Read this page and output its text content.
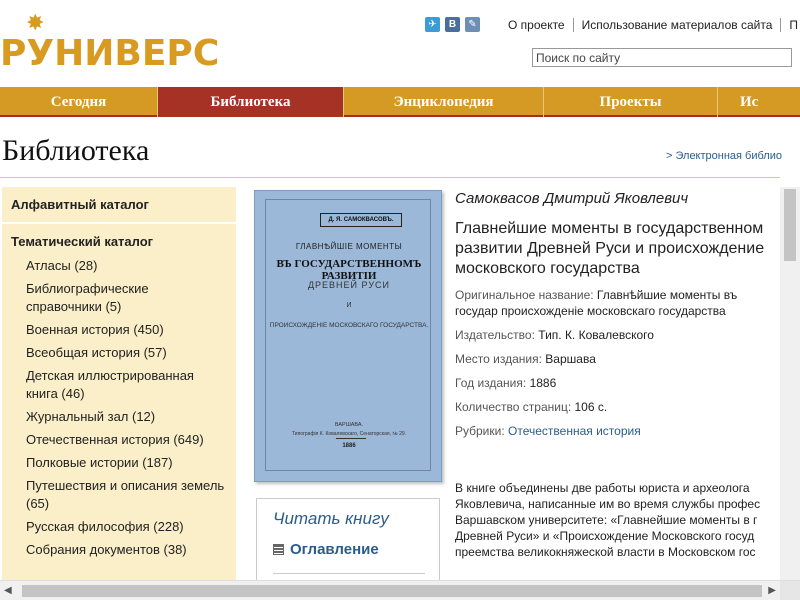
✸
РУНИВЕРС
✈	В	✎	О проекте	Использование материалов сайта	П
Поиск по сайту
Сегодня	Библиотека	Энциклопедия	Проекты	Ис
Библиотека	> Электронная библио
Алфавитный каталог
Тематический каталог
Атласы (28)
Библиографические справочники (5)
Военная история (450)
Всеобщая история (57)
Детская иллюстрированная книга (46)
Журнальный зал (12)
Отечественная история (649)
Полковые истории (187)
Путешествия и описания земель (65)
Русская философия (228)
Собрания документов (38)
Д. Я. САМОКВАСОВЪ.
ГЛАВНѢЙШІЕ МОМЕНТЫ
ВЪ ГОСУДАРСТВЕННОМЪ РАЗВИТІИ
ДРЕВНЕЙ РУСИ
И
ПРОИСХОЖДЕНІЕ МОСКОВСКАГО ГОСУДАРСТВА.
ВАРШАВА.
Типографія К. Ковалевскаго, Сенаторская, № 29.
1886
Читать книгу
Оглавление
Самоквасов Дмитрий Яковлевич
Главнейшие моменты в государственном развитии Древней Руси и происхождение московского государства
Оригинальное название: Главнѣйшие моменты въ государ происхожденіе московскаго государства
Издательство: Тип. К. Ковалевского
Место издания: Варшава
Год издания: 1886
Количество страниц: 106 с.
Рубрики: Отечественная история
В книге объединены две работы юриста и археолога
Яковлевича, написанные им во время службы профес
Варшавском университете: «Главнейшие моменты в г
Древней Руси» и «Происхождение Московского госуд
преемства великокняжеской власти в Московском гос
◀	▶
